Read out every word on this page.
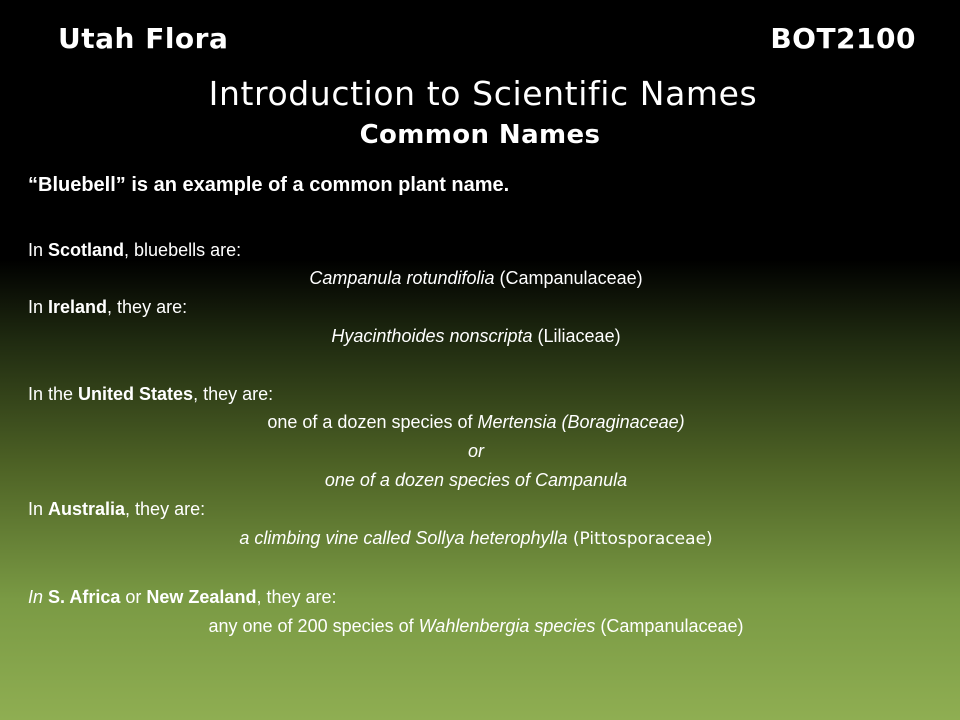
Utah Flora	BOT2100
Introduction to Scientific Names
Common Names
“Bluebell” is an example of a common plant name.
In Scotland, bluebells are:
Campanula rotundifolia (Campanulaceae)
In Ireland, they are:
Hyacinthoides nonscripta (Liliaceae)
In the United States, they are:
one of a dozen species of Mertensia (Boraginaceae)
or
one of a dozen species of Campanula
In Australia, they are:
a climbing vine called Sollya heterophylla (Pittosporaceae)
In S. Africa or New Zealand, they are:
any one of 200 species of Wahlenbergia species (Campanulaceae)
